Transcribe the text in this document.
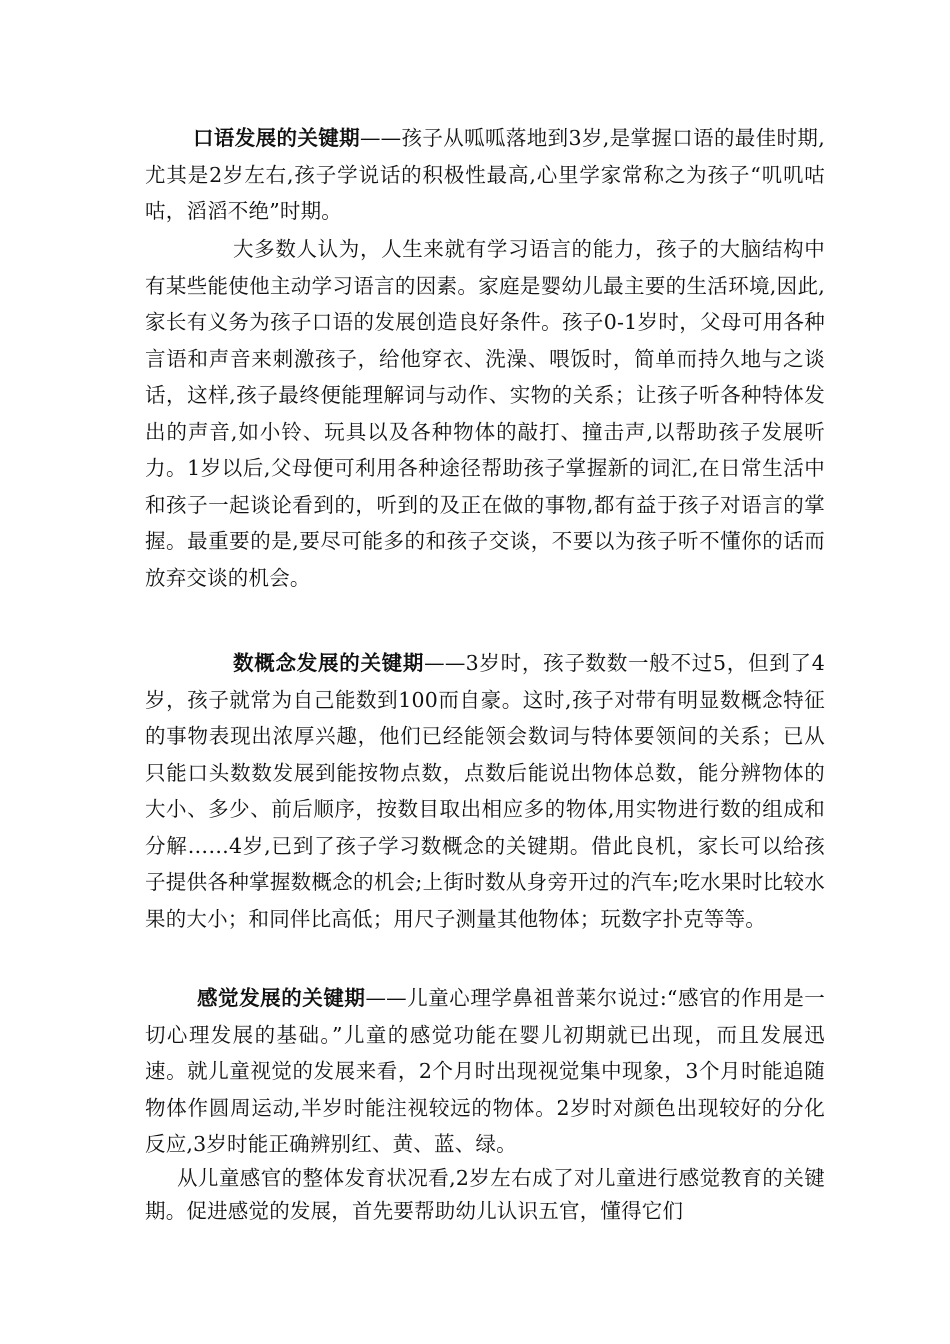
口语发展的关键期——孩子从呱呱落地到3岁,是掌握口语的最佳时期,尤其是2岁左右,孩子学说话的积极性最高,心里学家常称之为孩子“叽叽咕咕，滔滔不绝”时期。

大多数人认为，人生来就有学习语言的能力，孩子的大脑结构中有某些能使他主动学习语言的因素。家庭是婴幼儿最主要的生活环境,因此,家长有义务为孩子口语的发展创造良好条件。孩子0-1岁时，父母可用各种言语和声音来刺激孩子，给他穿衣、洗澡、喂饭时，简单而持久地与之谈话，这样,孩子最终便能理解词与动作、实物的关系；让孩子听各种特体发出的声音,如小铃、玩具以及各种物体的敲打、撞击声,以帮助孩子发展听力。1岁以后,父母便可利用各种途径帮助孩子掌握新的词汇,在日常生活中和孩子一起谈论看到的，听到的及正在做的事物,都有益于孩子对语言的掌握。最重要的是,要尽可能多的和孩子交谈，不要以为孩子听不懂你的话而放弃交谈的机会。

数概念发展的关键期——3岁时，孩子数数一般不过5，但到了4岁，孩子就常为自己能数到100而自豪。这时,孩子对带有明显数概念特征的事物表现出浓厚兴趣，他们已经能领会数词与特体要领间的关系；已从只能口头数数发展到能按物点数，点数后能说出物体总数，能分辨物体的大小、多少、前后顺序，按数目取出相应多的物体,用实物进行数的组成和分解……4岁,已到了孩子学习数概念的关键期。借此良机，家长可以给孩子提供各种掌握数概念的机会;上街时数从身旁开过的汽车;吃水果时比较水果的大小；和同伴比高低；用尺子测量其他物体；玩数字扑克等等。

感觉发展的关键期——儿童心理学鼻祖普莱尔说过:“感官的作用是一切心理发展的基础。”儿童的感觉功能在婴儿初期就已出现，而且发展迅速。就儿童视觉的发展来看，2个月时出现视觉集中现象，3个月时能追随物体作圆周运动,半岁时能注视较远的物体。2岁时对颜色出现较好的分化反应,3岁时能正确辨别红、黄、蓝、绿。

从儿童感官的整体发育状况看,2岁左右成了对儿童进行感觉教育的关键期。促进感觉的发展，首先要帮助幼儿认识五官，懂得它们
